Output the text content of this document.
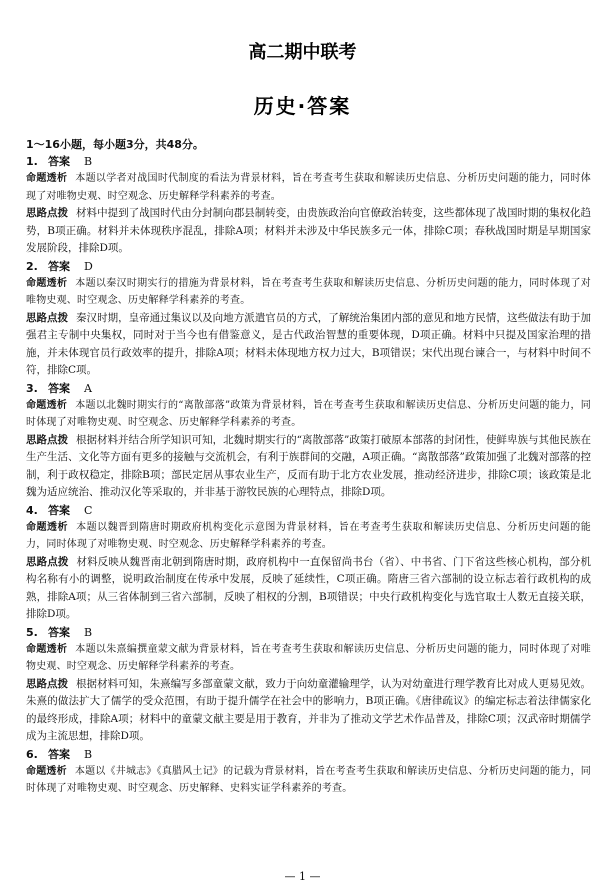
高二期中联考
历史·答案
1～16小题，每小题3分，共48分。
1. 答案 B

命题透析 本题以学者对战国时代制度的看法为背景材料，旨在考查考生获取和解读历史信息、分析历史问题的能力，同时体现了对唯物史观、时空观念、历史解释学科素养的考查。

思路点拨 材料中提到了战国时代由分封制向郡县制转变，由贵族政治向官僚政治转变，这些都体现了战国时期的集权化趋势，B项正确。材料并未体现秩序混乱，排除A项；材料并未涉及中华民族多元一体，排除C项；春秋战国时期是早期国家发展阶段，排除D项。

2. 答案 D

命题透析 本题以秦汉时期实行的措施为背景材料，旨在考查考生获取和解读历史信息、分析历史问题的能力，同时体现了对唯物史观、时空观念、历史解释学科素养的考查。

思路点拨 秦汉时期，皇帝通过集议以及向地方派遣官员的方式，了解统治集团内部的意见和地方民情，这些做法有助于加强君主专制中央集权，同时对于当今也有借鉴意义，是古代政治智慧的重要体现，D项正确。材料中只提及国家治理的措施，并未体现官员行政效率的提升，排除A项；材料未体现地方权力过大，B项错误；宋代出现台谏合一，与材料中时间不符，排除C项。

3. 答案 A

命题透析 本题以北魏时期实行的“离散部落”政策为背景材料，旨在考查考生获取和解读历史信息、分析历史问题的能力，同时体现了对唯物史观、时空观念、历史解释学科素养的考查。

思路点拨 根据材料并结合所学知识可知，北魏时期实行的“离散部落”政策打破原本部落的封闭性，使鲜卑族与其他民族在生产生活、文化等方面有更多的接触与交流机会，有利于族群间的交融，A项正确。“离散部落”政策加强了北魏对部落的控制，利于政权稳定，排除B项；部民定居从事农业生产，反而有助于北方农业发展，推动经济进步，排除C项；该政策是北魏为适应统治、推动汉化等采取的，并非基于游牧民族的心理特点，排除D项。

4. 答案 C

命题透析 本题以魏晋到隋唐时期政府机构变化示意图为背景材料，旨在考查考生获取和解读历史信息、分析历史问题的能力，同时体现了对唯物史观、时空观念、历史解释学科素养的考查。

思路点拨 材料反映从魏晋南北朝到隋唐时期，政府机构中一直保留尚书台（省）、中书省、门下省这些核心机构，部分机构名称有小的调整，说明政治制度在传承中发展，反映了延续性，C项正确。隋唐三省六部制的设立标志着行政机构的成熟，排除A项；从三省体制到三省六部制，反映了相权的分割，B项错误；中央行政机构变化与选官取士人数无直接关联，排除D项。

5. 答案 B

命题透析 本题以朱熹编撰童蒙文献为背景材料，旨在考查考生获取和解读历史信息、分析历史问题的能力，同时体现了对唯物史观、时空观念、历史解释学科素养的考查。

思路点拨 根据材料可知，朱熹编写多部童蒙文献，致力于向幼童灌输理学，认为对幼童进行理学教育比对成人更易见效。朱熹的做法扩大了儒学的受众范围，有助于提升儒学在社会中的影响力，B项正确。《唐律疏议》的编定标志着法律儒家化的最终形成，排除A项；材料中的童蒙文献主要是用于教育，并非为了推动文学艺术作品普及，排除C项；汉武帝时期儒学成为主流思想，排除D项。

6. 答案 B

命题透析 本题以《井城志》《真腊风土记》的记载为背景材料，旨在考查考生获取和解读历史信息、分析历史问题的能力，同时体现了对唯物史观、时空观念、历史解释、史料实证学科素养的考查。

— 1 —
